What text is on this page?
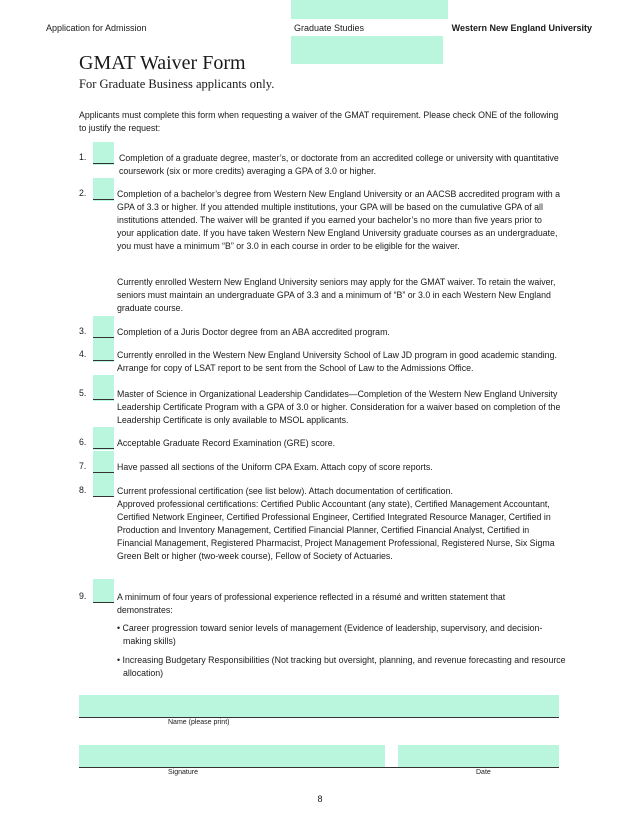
Application for Admission	Graduate Studies	Western New England University
GMAT Waiver Form
For Graduate Business applicants only.
Applicants must complete this form when requesting a waiver of the GMAT requirement. Please check ONE of the following to justify the request:
1.	Completion of a graduate degree, master’s, or doctorate from an accredited college or university with quantitative coursework (six or more credits) averaging a GPA of 3.0 or higher.
2.	Completion of a bachelor’s degree from Western New England University or an AACSB accredited program with a GPA of 3.3 or higher. If you attended multiple institutions, your GPA will be based on the cumulative GPA of all institutions attended. The waiver will be granted if you earned your bachelor’s no more than five years prior to your application date. If you have taken Western New England University graduate courses as an undergraduate, you must have a minimum “B” or 3.0 in each course in order to be eligible for the waiver.
Currently enrolled Western New England University seniors may apply for the GMAT waiver. To retain the waiver, seniors must maintain an undergraduate GPA of 3.3 and a minimum of “B” or 3.0 in each Western New England graduate course.
3.	Completion of a Juris Doctor degree from an ABA accredited program.
4.	Currently enrolled in the Western New England University School of Law JD program in good academic standing. Arrange for copy of LSAT report to be sent from the School of Law to the Admissions Office.
5.	Master of Science in Organizational Leadership Candidates—Completion of the Western New England University Leadership Certificate Program with a GPA of 3.0 or higher. Consideration for a waiver based on completion of the Leadership Certificate is only available to MSOL applicants.
6.	Acceptable Graduate Record Examination (GRE) score.
7.	Have passed all sections of the Uniform CPA Exam. Attach copy of score reports.
8.	Current professional certification (see list below). Attach documentation of certification.
Approved professional certifications: Certified Public Accountant (any state), Certified Management Accountant, Certified Network Engineer, Certified Professional Engineer, Certified Integrated Resource Manager, Certified in Production and Inventory Management, Certified Financial Planner, Certified Financial Analyst, Certified in Financial Management, Registered Pharmacist, Project Management Professional, Registered Nurse, Six Sigma Green Belt or higher (two-week course), Fellow of Society of Actuaries.
9.	A minimum of four years of professional experience reflected in a résumé and written statement that demonstrates:
• Career progression toward senior levels of management (Evidence of leadership, supervisory, and decision-making skills)
• Increasing Budgetary Responsibilities (Not tracking but oversight, planning, and revenue forecasting and resource allocation)
Name (please print)
Signature	Date
8
